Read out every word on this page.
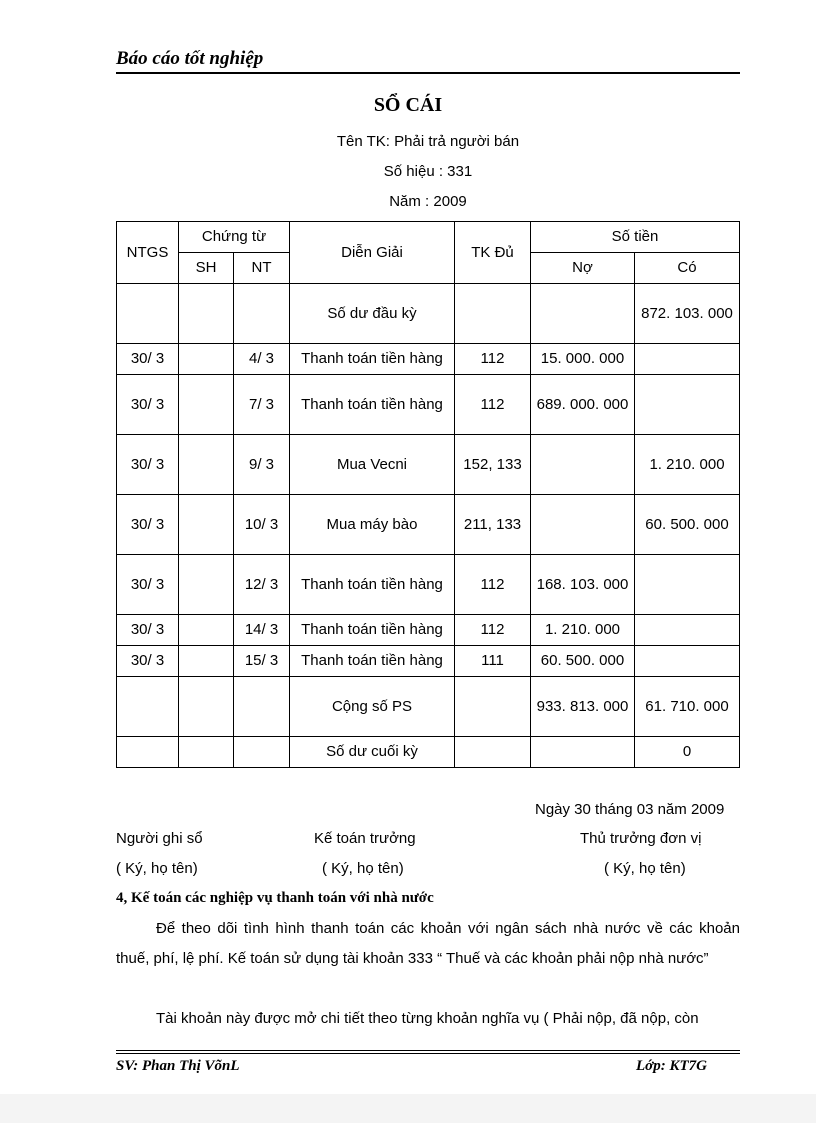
Báo cáo tốt nghiệp
SỔ CÁI
Tên TK: Phải trả người bán
Số hiệu : 331
Năm : 2009
NTGS	Chứng từ		Diễn Giải	TK Đủ	Số tiền	
	SH	NT			Nợ	Có
			Số dư đầu kỳ			872. 103. 000
30/ 3		4/ 3	Thanh toán tiền hàng	112	15. 000. 000	
30/ 3		7/ 3	Thanh toán tiền hàng	112	689. 000. 000	
30/ 3		9/ 3	Mua Vecni	152, 133		1. 210. 000
30/ 3		10/ 3	Mua máy bào	211, 133		60. 500. 000
30/ 3		12/ 3	Thanh toán tiền hàng	112	168. 103. 000	
30/ 3		14/ 3	Thanh toán tiền hàng	112	1. 210. 000	
30/ 3		15/ 3	Thanh toán tiền hàng	111	60. 500. 000	
			Cộng số PS		933. 813. 000	61. 710. 000
			Số dư cuối kỳ			0
Ngày 30 tháng 03 năm 2009
Người ghi sổ	Kế toán trưởng	Thủ trưởng đơn vị
( Ký, họ tên)	( Ký, họ tên)	( Ký, họ tên)
4, Kế toán các nghiệp vụ thanh toán với nhà nước
Để theo dõi tình hình thanh toán các khoản với ngân sách nhà nước về các khoản thuế, phí, lệ phí. Kế toán sử dụng tài khoản 333 “ Thuế và các khoản phải nộp nhà nước”
Tài khoản này được mở chi tiết theo từng khoản nghĩa vụ ( Phải nộp, đã nộp, còn
SV: Phan Thị VõnL	Lớp: KT7G
